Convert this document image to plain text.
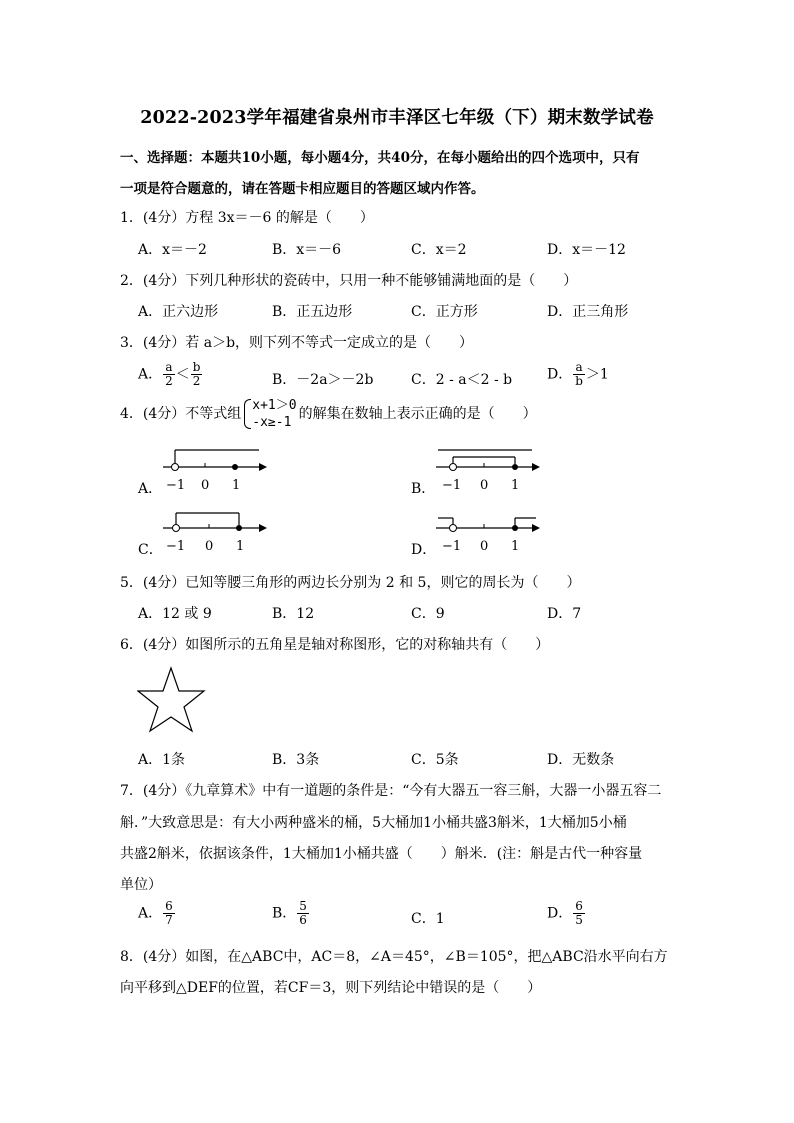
2022-2023学年福建省泉州市丰泽区七年级（下）期末数学试卷
一、选择题：本题共10小题，每小题4分，共40分，在每小题给出的四个选项中，只有
一项是符合题意的，请在答题卡相应题目的答题区域内作答。
1．(4分）方程 3x＝－6 的解是（　　）
A．x＝－2	B．x＝－6	C．x＝2	D．x＝－12
2．(4分）下列几种形状的瓷砖中，只用一种不能够铺满地面的是（　　）
A．正六边形	B．正五边形	C．正方形	D．正三角形
3．(4分）若 a＞b，则下列不等式一定成立的是（　　）
A． $\frac{a}{2} < \frac{b}{2}$	B．－2a＞－2b	C．2 - a＜2 - b D． $\frac{a}{b} >1$
4．(4分）不等式组
x+1＞0
-x≥-1
的解集在数轴上表示正确的是（　　）
A． −1 0 1	B． −1 0 1
C． −1 0 1	D． −1 0 1
5．(4分）已知等腰三角形的两边长分别为 2 和 5，则它的周长为（　　）
A．12 或 9	B．12	C．9	D．7
6．(4分）如图所示的五角星是轴对称图形，它的对称轴共有（　　）
A．1条	B．3条	C．5条	D．无数条
7．(4分）《九章算术》中有一道题的条件是：“今有大器五一容三斛，大器一小器五容二
斛．”大致意思是：有大小两种盛米的桶，5大桶加1小桶共盛3斛米，1大桶加5小桶
共盛2斛米，依据该条件，1大桶加1小桶共盛（　　）斛米．(注：斛是古代一种容量
单位）
A． $\frac{6}{7}$	B． $\frac{5}{6}$	C．1	D． $\frac{6}{5}$
8．(4分）如图，在△ABC中，AC＝8，∠A＝45°，∠B＝105°，把△ABC沿水平向右方
向平移到△DEF的位置，若CF＝3，则下列结论中错误的是（　　）
